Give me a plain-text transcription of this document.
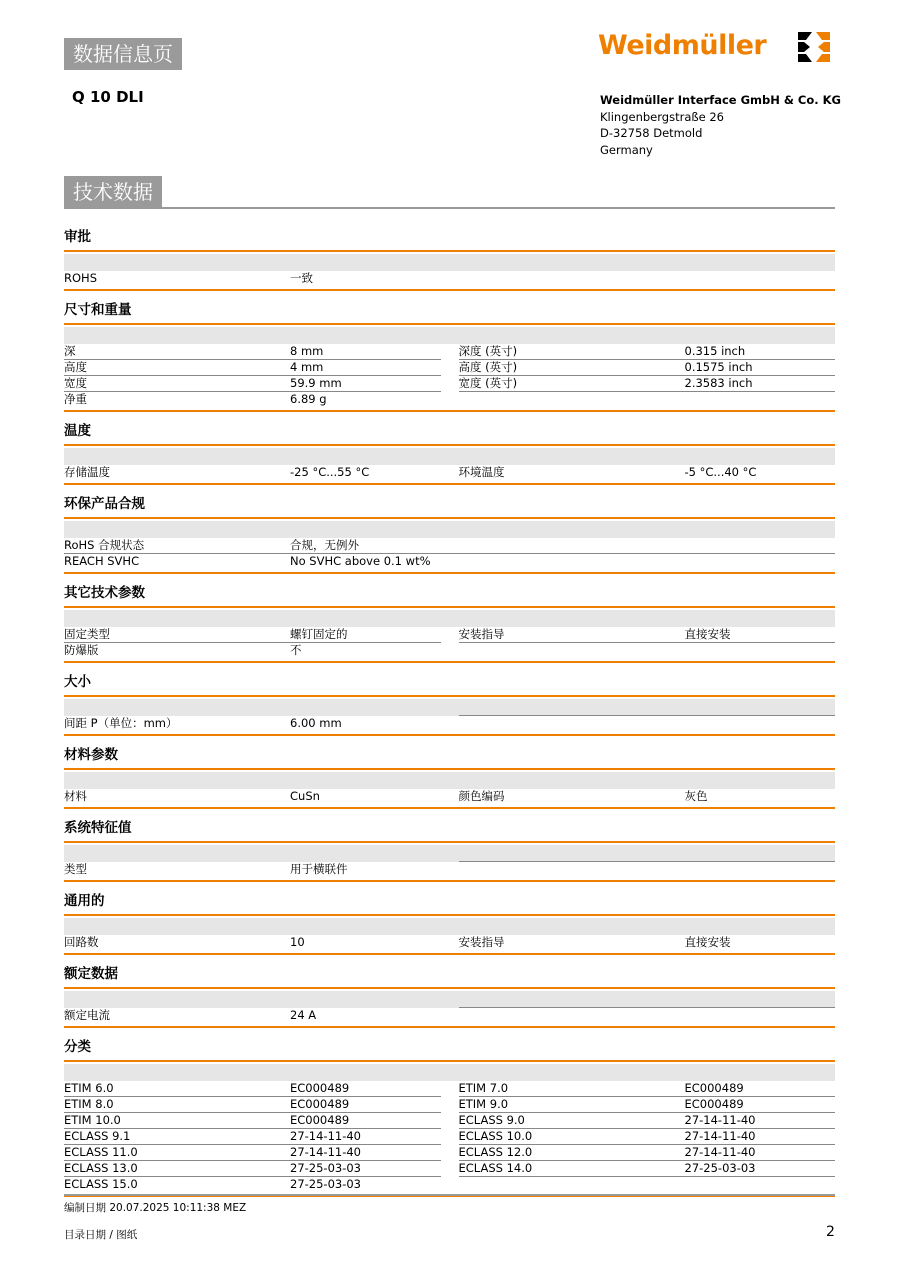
数据信息页
Q 10 DLI
Weidmüller
Weidmüller Interface GmbH & Co. KG
Klingenbergstraße 26
D-32758 Detmold
Germany
技术数据
审批
ROHS	一致
尺寸和重量
深	8 mm	深度 (英寸)	0.315 inch
高度	4 mm	高度 (英寸)	0.1575 inch
宽度	59.9 mm	宽度 (英寸)	2.3583 inch
净重	6.89 g
温度
存储温度	-25 °C...55 °C	环境温度	-5 °C...40 °C
环保产品合规
RoHS 合规状态	合规，无例外
REACH SVHC	No SVHC above 0.1 wt%
其它技术参数
固定类型	螺钉固定的	安装指导	直接安装
防爆版	不
大小
间距 P（单位：mm）	6.00 mm
材料参数
材料	CuSn	颜色编码	灰色
系统特征值
类型	用于横联件
通用的
回路数	10	安装指导	直接安装
额定数据
额定电流	24 A
分类
ETIM 6.0	EC000489	ETIM 7.0	EC000489
ETIM 8.0	EC000489	ETIM 9.0	EC000489
ETIM 10.0	EC000489	ECLASS 9.0	27-14-11-40
ECLASS 9.1	27-14-11-40	ECLASS 10.0	27-14-11-40
ECLASS 11.0	27-14-11-40	ECLASS 12.0	27-14-11-40
ECLASS 13.0	27-25-03-03	ECLASS 14.0	27-25-03-03
ECLASS 15.0	27-25-03-03
编制日期 20.07.2025 10:11:38 MEZ
目录日期 / 图纸	2
